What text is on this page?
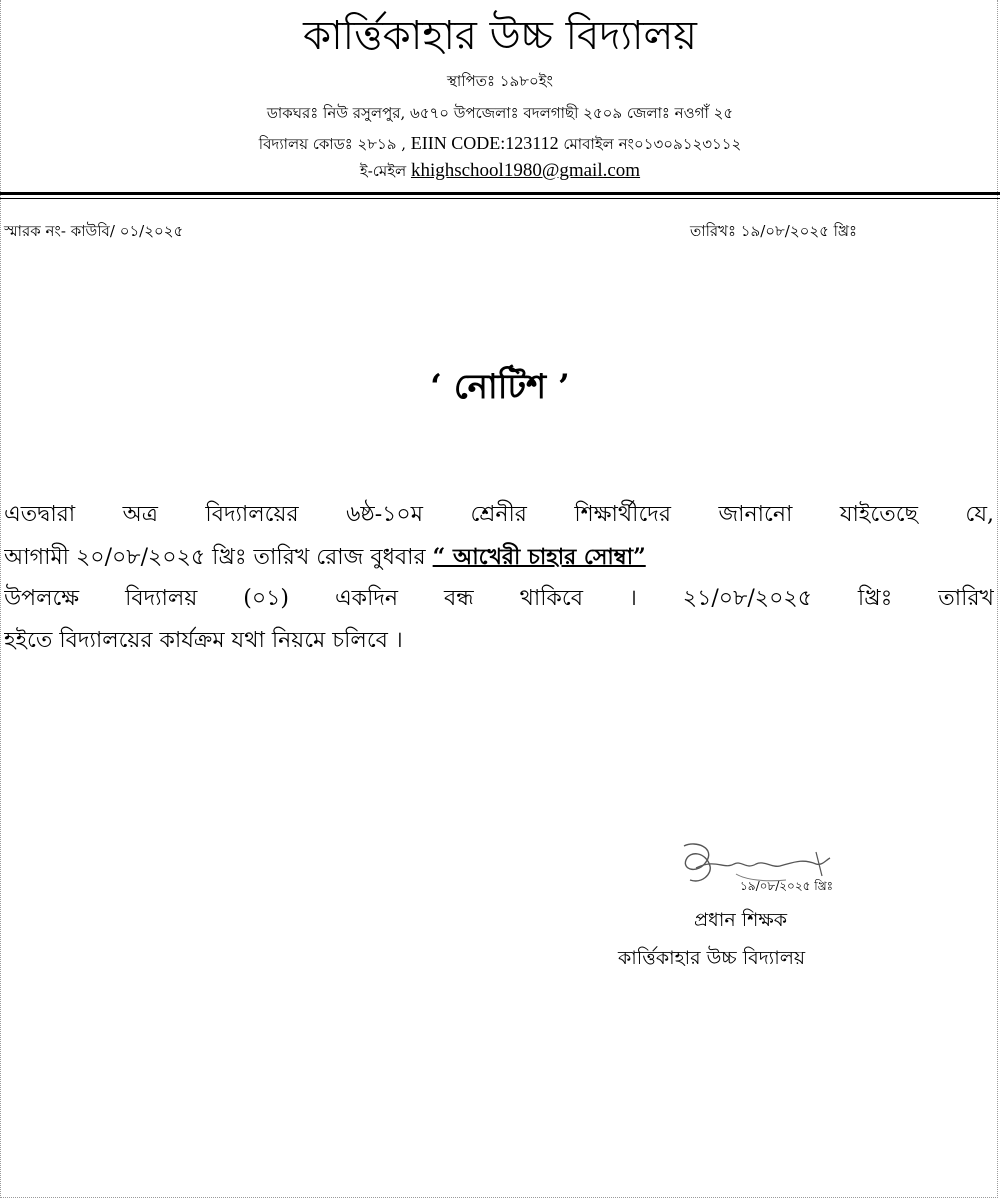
কার্ত্তিকাহার উচ্চ বিদ্যালয়
স্থাপিতঃ ১৯৮০ইং
ডাকঘরঃ নিউ রসুলপুর, ৬৫৭০ উপজেলাঃ বদলগাছী ২৫০৯ জেলাঃ নওগাঁ ২৫
বিদ্যালয় কোডঃ ২৮১৯ , EIIN CODE:123112 মোবাইল নং০১৩০৯১২৩১১২
ই-মেইল khighschool1980@gmail.com
স্মারক নং- কাউবি/ ০১/২০২৫	তারিখঃ ১৯/০৮/২০২৫ খ্রিঃ
‘ নোটিশ ’
এতদ্বারা অত্র বিদ্যালয়ের ৬ষ্ঠ-১০ম শ্রেনীর শিক্ষার্থীদের জানানো যাইতেছে যে,
আগামী ২০/০৮/২০২৫ খ্রিঃ তারিখ রোজ বুধবার “ আখেরী চাহার সোম্বা”
উপলক্ষে বিদ্যালয় (০১) একদিন বন্ধ থাকিবে । ২১/০৮/২০২৫ খ্রিঃ তারিখ
হইতে বিদ্যালয়ের কার্যক্রম যথা নিয়মে চলিবে ।
১৯/০৮/২০২৫ খ্রিঃ
প্রধান শিক্ষক
কার্ত্তিকাহার উচ্চ বিদ্যালয়
